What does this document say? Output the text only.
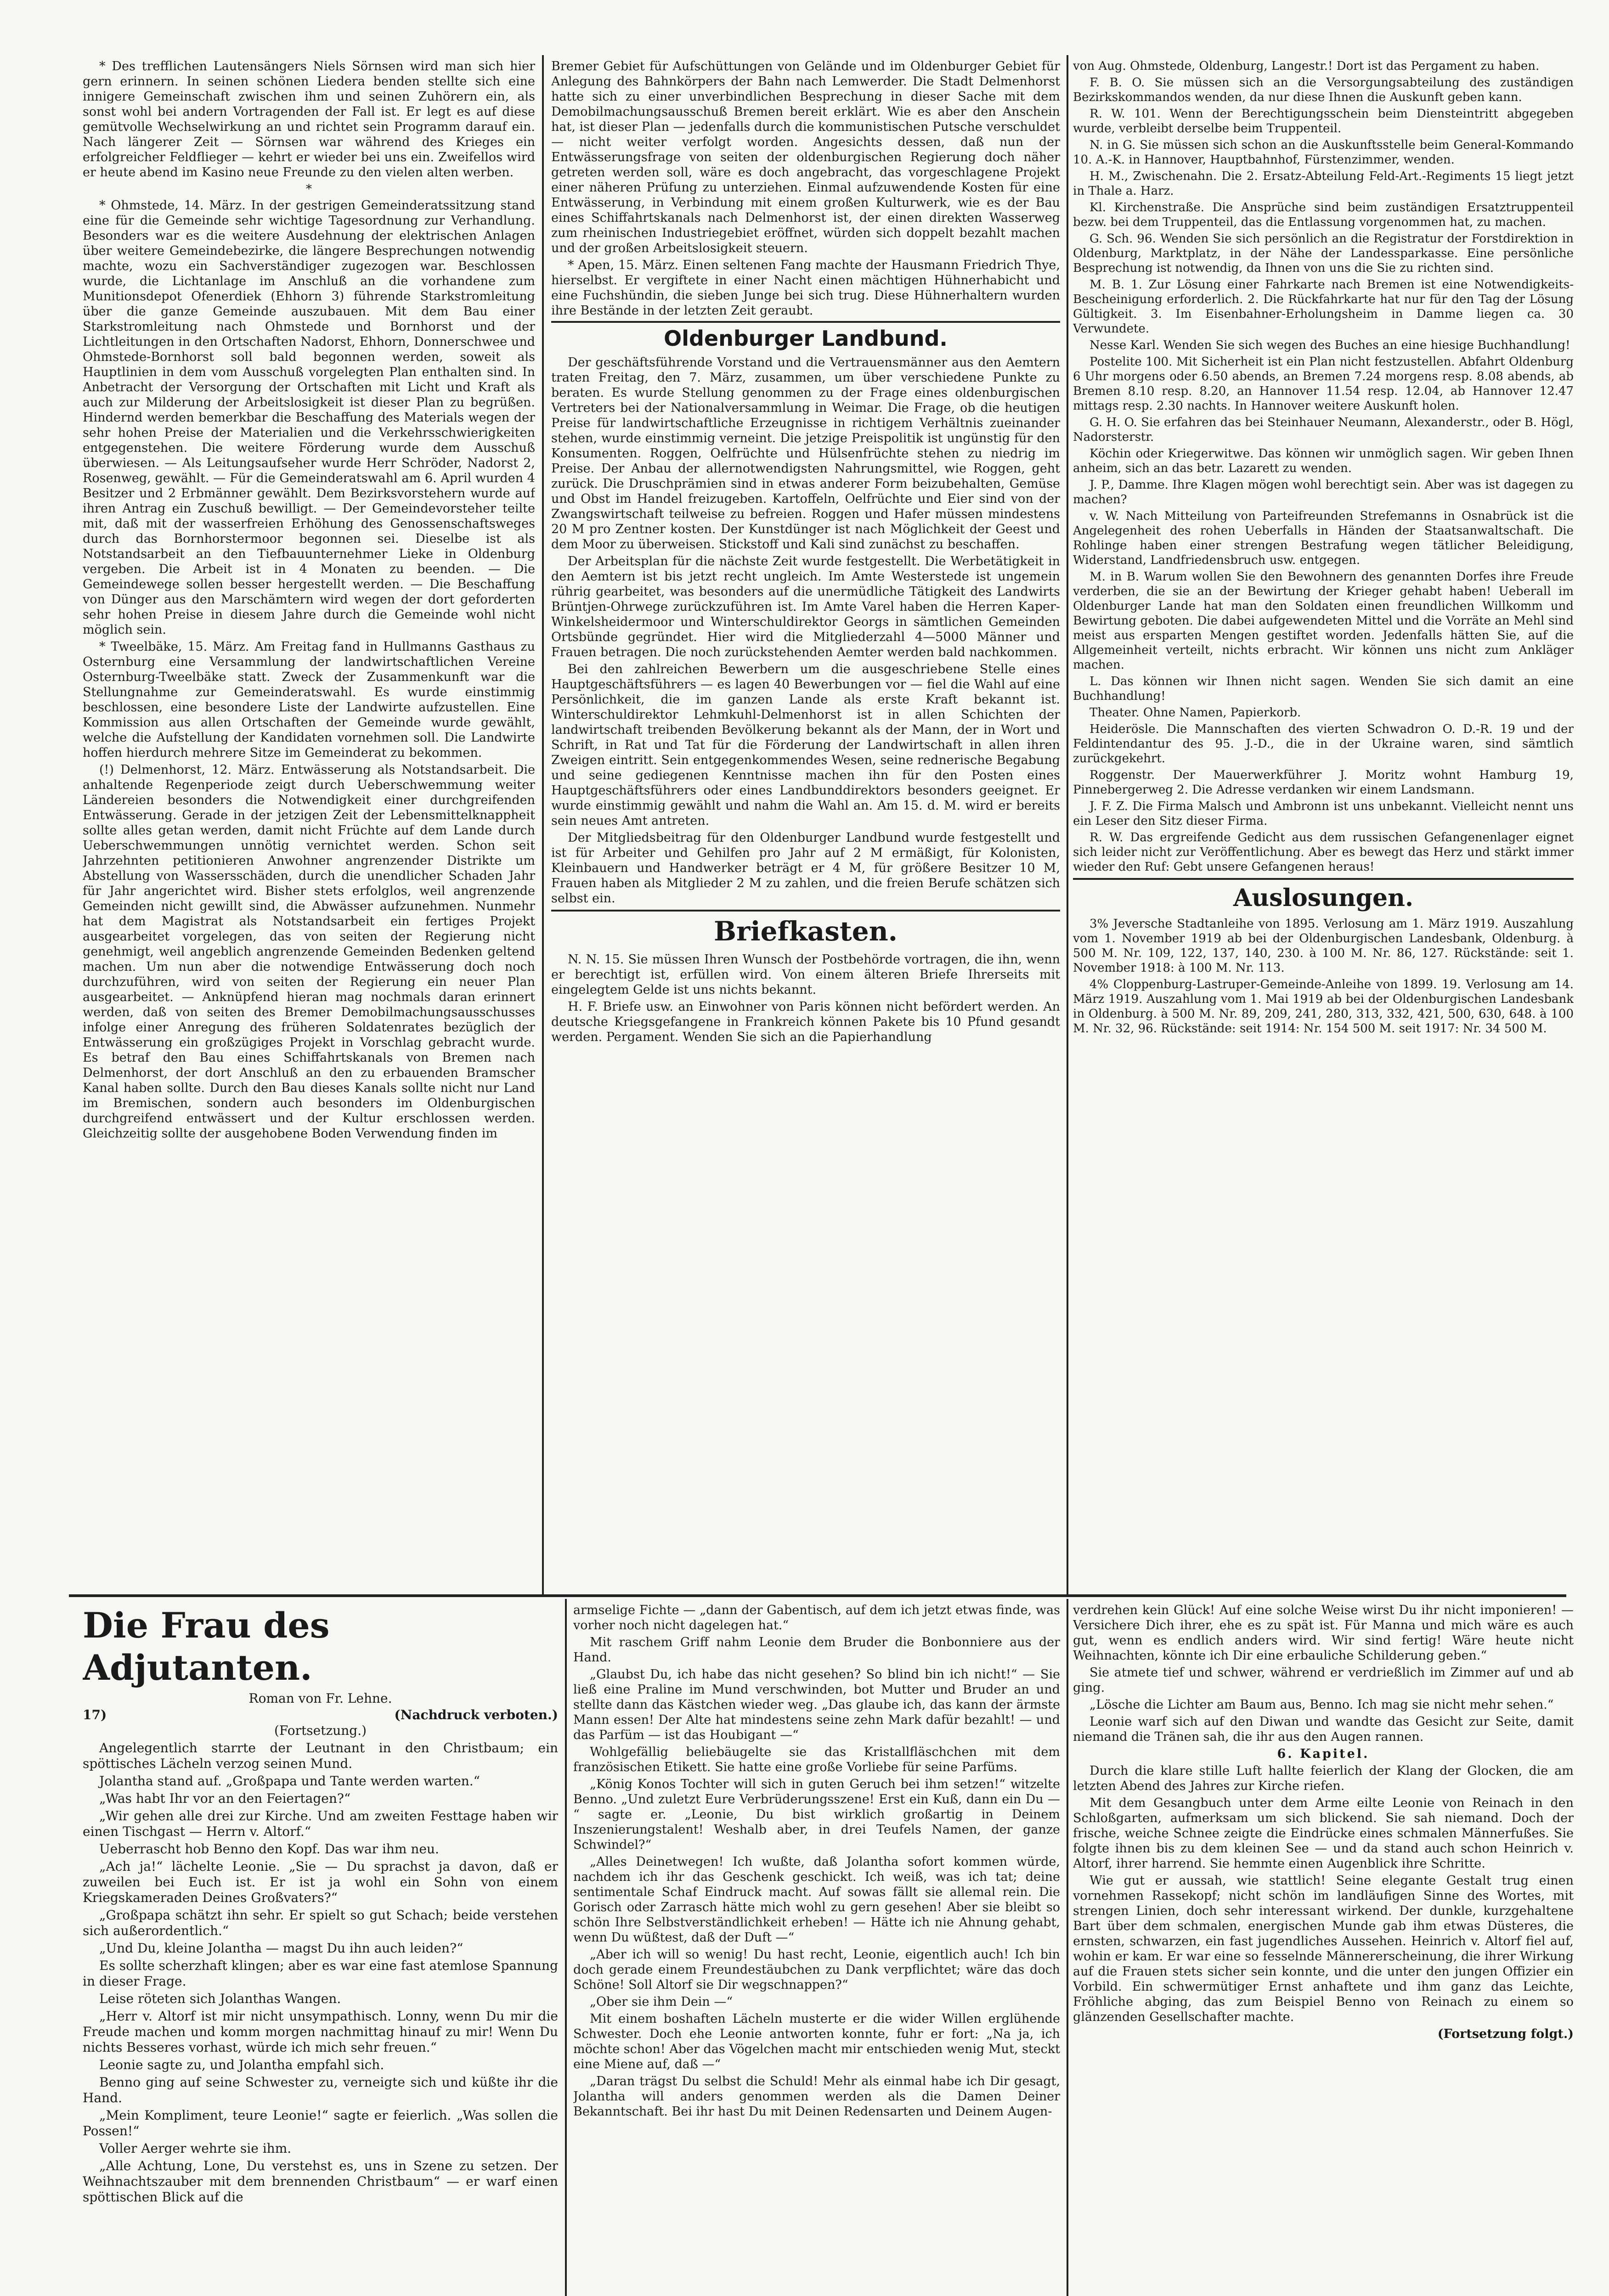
* Des trefflichen Lautensängers Niels Sörnsen wird man sich hier gern erinnern. In seinen schönen Liedera benden stellte sich eine innigere Gemeinschaft zwischen ihm und seinen Zuhörern ein, als sonst wohl bei andern Vortragenden der Fall ist. Er legt es auf diese gemütvolle Wechselwirkung an und richtet sein Programm darauf ein. Nach längerer Zeit — Sörnsen war während des Krieges ein erfolgreicher Feldflieger — kehrt er wieder bei uns ein. Zweifellos wird er heute abend im Kasino neue Freunde zu den vielen alten werben.

*

* Ohmstede, 14. März. In der gestrigen Gemeinderatssitzung stand eine für die Gemeinde sehr wichtige Tagesordnung zur Verhandlung. Besonders war es die weitere Ausdehnung der elektrischen Anlagen über weitere Gemeindebezirke, die längere Besprechungen notwendig machte, wozu ein Sachverständiger zugezogen war. Beschlossen wurde, die Lichtanlage im Anschluß an die vorhandene zum Munitionsdepot Ofenerdiek (Ehhorn 3) führende Starkstromleitung über die ganze Gemeinde auszubauen. Mit dem Bau einer Starkstromleitung nach Ohmstede und Bornhorst und der Lichtleitungen in den Ortschaften Nadorst, Ehhorn, Donnerschwee und Ohmstede-Bornhorst soll bald begonnen werden, soweit als Hauptlinien in dem vom Ausschuß vorgelegten Plan enthalten sind. In Anbetracht der Versorgung der Ortschaften mit Licht und Kraft als auch zur Milderung der Arbeitslosigkeit ist dieser Plan zu begrüßen. Hindernd werden bemerkbar die Beschaffung des Materials wegen der sehr hohen Preise der Materialien und die Verkehrsschwierigkeiten entgegenstehen. Die weitere Förderung wurde dem Ausschuß überwiesen. — Als Leitungsaufseher wurde Herr Schröder, Nadorst 2, Rosenweg, gewählt. — Für die Gemeinderatswahl am 6. April wurden 4 Besitzer und 2 Erbmänner gewählt. Dem Bezirksvorstehern wurde auf ihren Antrag ein Zuschuß bewilligt. — Der Gemeindevorsteher teilte mit, daß mit der wasserfreien Erhöhung des Genossenschaftsweges durch das Bornhorstermoor begonnen sei. Dieselbe ist als Notstandsarbeit an den Tiefbauunternehmer Lieke in Oldenburg vergeben. Die Arbeit ist in 4 Monaten zu beenden. — Die Gemeindewege sollen besser hergestellt werden. — Die Beschaffung von Dünger aus den Marschämtern wird wegen der dort geforderten sehr hohen Preise in diesem Jahre durch die Gemeinde wohl nicht möglich sein.

* Tweelbäke, 15. März. Am Freitag fand in Hullmanns Gasthaus zu Osternburg eine Versammlung der landwirtschaftlichen Vereine Osternburg-Tweelbäke statt. Zweck der Zusammenkunft war die Stellungnahme zur Gemeinderatswahl. Es wurde einstimmig beschlossen, eine besondere Liste der Landwirte aufzustellen. Eine Kommission aus allen Ortschaften der Gemeinde wurde gewählt, welche die Aufstellung der Kandidaten vornehmen soll. Die Landwirte hoffen hierdurch mehrere Sitze im Gemeinderat zu bekommen.

(!) Delmenhorst, 12. März. Entwässerung als Notstandsarbeit. Die anhaltende Regenperiode zeigt durch Ueberschwemmung weiter Ländereien besonders die Notwendigkeit einer durchgreifenden Entwässerung. Gerade in der jetzigen Zeit der Lebensmittelknappheit sollte alles getan werden, damit nicht Früchte auf dem Lande durch Ueberschwemmungen unnötig vernichtet werden. Schon seit Jahrzehnten petitionieren Anwohner angrenzender Distrikte um Abstellung von Wassersschäden, durch die unendlicher Schaden Jahr für Jahr angerichtet wird. Bisher stets erfolglos, weil angrenzende Gemeinden nicht gewillt sind, die Abwässer aufzunehmen. Nunmehr hat dem Magistrat als Notstandsarbeit ein fertiges Projekt ausgearbeitet vorgelegen, das von seiten der Regierung nicht genehmigt, weil angeblich angrenzende Gemeinden Bedenken geltend machen. Um nun aber die notwendige Entwässerung doch noch durchzuführen, wird von seiten der Regierung ein neuer Plan ausgearbeitet. — Anknüpfend hieran mag nochmals daran erinnert werden, daß von seiten des Bremer Demobilmachungsausschusses infolge einer Anregung des früheren Soldatenrates bezüglich der Entwässerung ein großzügiges Projekt in Vorschlag gebracht wurde. Es betraf den Bau eines Schiffahrtskanals von Bremen nach Delmenhorst, der dort Anschluß an den zu erbauenden Bramscher Kanal haben sollte. Durch den Bau dieses Kanals sollte nicht nur Land im Bremischen, sondern auch besonders im Oldenburgischen durchgreifend entwässert und der Kultur erschlossen werden. Gleichzeitig sollte der ausgehobene Boden Verwendung finden im

Bremer Gebiet für Aufschüttungen von Gelände und im Oldenburger Gebiet für Anlegung des Bahnkörpers der Bahn nach Lemwerder. Die Stadt Delmenhorst hatte sich zu einer unverbindlichen Besprechung in dieser Sache mit dem Demobilmachungsausschuß Bremen bereit erklärt. Wie es aber den Anschein hat, ist dieser Plan — jedenfalls durch die kommunistischen Putsche verschuldet — nicht weiter verfolgt worden. Angesichts dessen, daß nun der Entwässerungsfrage von seiten der oldenburgischen Regierung doch näher getreten werden soll, wäre es doch angebracht, das vorgeschlagene Projekt einer näheren Prüfung zu unterziehen. Einmal aufzuwendende Kosten für eine Entwässerung, in Verbindung mit einem großen Kulturwerk, wie es der Bau eines Schiffahrtskanals nach Delmenhorst ist, der einen direkten Wasserweg zum rheinischen Industriegebiet eröffnet, würden sich doppelt bezahlt machen und der großen Arbeitslosigkeit steuern.

* Apen, 15. März. Einen seltenen Fang machte der Hausmann Friedrich Thye, hierselbst. Er vergiftete in einer Nacht einen mächtigen Hühnerhabicht und eine Fuchshündin, die sieben Junge bei sich trug. Diese Hühnerhaltern wurden ihre Bestände in der letzten Zeit geraubt.

Oldenburger Landbund.

Der geschäftsführende Vorstand und die Vertrauensmänner aus den Aemtern traten Freitag, den 7. März, zusammen, um über verschiedene Punkte zu beraten. Es wurde Stellung genommen zu der Frage eines oldenburgischen Vertreters bei der Nationalversammlung in Weimar. Die Frage, ob die heutigen Preise für landwirtschaftliche Erzeugnisse in richtigem Verhältnis zueinander stehen, wurde einstimmig verneint. Die jetzige Preispolitik ist ungünstig für den Konsumenten. Roggen, Oelfrüchte und Hülsenfrüchte stehen zu niedrig im Preise. Der Anbau der allernotwendigsten Nahrungsmittel, wie Roggen, geht zurück. Die Druschprämien sind in etwas anderer Form beizubehalten, Gemüse und Obst im Handel freizugeben. Kartoffeln, Oelfrüchte und Eier sind von der Zwangswirtschaft teilweise zu befreien. Roggen und Hafer müssen mindestens 20 M pro Zentner kosten. Der Kunstdünger ist nach Möglichkeit der Geest und dem Moor zu überweisen. Stickstoff und Kali sind zunächst zu beschaffen.

Der Arbeitsplan für die nächste Zeit wurde festgestellt. Die Werbetätigkeit in den Aemtern ist bis jetzt recht ungleich. Im Amte Westerstede ist ungemein rührig gearbeitet, was besonders auf die unermüdliche Tätigkeit des Landwirts Brüntjen-Ohrwege zurückzuführen ist. Im Amte Varel haben die Herren Kaper-Winkelsheidermoor und Winterschuldirektor Georgs in sämtlichen Gemeinden Ortsbünde gegründet. Hier wird die Mitgliederzahl 4—5000 Männer und Frauen betragen. Die noch zurückstehenden Aemter werden bald nachkommen.

Bei den zahlreichen Bewerbern um die ausgeschriebene Stelle eines Hauptgeschäftsführers — es lagen 40 Bewerbungen vor — fiel die Wahl auf eine Persönlichkeit, die im ganzen Lande als erste Kraft bekannt ist. Winterschuldirektor Lehmkuhl-Delmenhorst ist in allen Schichten der landwirtschaft treibenden Bevölkerung bekannt als der Mann, der in Wort und Schrift, in Rat und Tat für die Förderung der Landwirtschaft in allen ihren Zweigen eintritt. Sein entgegenkommendes Wesen, seine rednerische Begabung und seine gediegenen Kenntnisse machen ihn für den Posten eines Hauptgeschäftsführers oder eines Landbunddirektors besonders geeignet. Er wurde einstimmig gewählt und nahm die Wahl an. Am 15. d. M. wird er bereits sein neues Amt antreten.

Der Mitgliedsbeitrag für den Oldenburger Landbund wurde festgestellt und ist für Arbeiter und Gehilfen pro Jahr auf 2 M ermäßigt, für Kolonisten, Kleinbauern und Handwerker beträgt er 4 M, für größere Besitzer 10 M, Frauen haben als Mitglieder 2 M zu zahlen, und die freien Berufe schätzen sich selbst ein.

Briefkasten.

N. N. 15. Sie müssen Ihren Wunsch der Postbehörde vortragen, die ihn, wenn er berechtigt ist, erfüllen wird. Von einem älteren Briefe Ihrerseits mit eingelegtem Gelde ist uns nichts bekannt.

H. F. Briefe usw. an Einwohner von Paris können nicht befördert werden. An deutsche Kriegsgefangene in Frankreich können Pakete bis 10 Pfund gesandt werden. Pergament. Wenden Sie sich an die Papierhandlung

von Aug. Ohmstede, Oldenburg, Langestr.! Dort ist das Pergament zu haben.

F. B. O. Sie müssen sich an die Versorgungsabteilung des zuständigen Bezirkskommandos wenden, da nur diese Ihnen die Auskunft geben kann.

R. W. 101. Wenn der Berechtigungsschein beim Diensteintritt abgegeben wurde, verbleibt derselbe beim Truppenteil.

N. in G. Sie müssen sich schon an die Auskunftsstelle beim General-Kommando 10. A.-K. in Hannover, Hauptbahnhof, Fürstenzimmer, wenden.

H. M., Zwischenahn. Die 2. Ersatz-Abteilung Feld-Art.-Regiments 15 liegt jetzt in Thale a. Harz.

Kl. Kirchenstraße. Die Ansprüche sind beim zuständigen Ersatztruppenteil bezw. bei dem Truppenteil, das die Entlassung vorgenommen hat, zu machen.

G. Sch. 96. Wenden Sie sich persönlich an die Registratur der Forstdirektion in Oldenburg, Marktplatz, in der Nähe der Landessparkasse. Eine persönliche Besprechung ist notwendig, da Ihnen von uns die Sie zu richten sind.

M. B. 1. Zur Lösung einer Fahrkarte nach Bremen ist eine Notwendigkeits-Bescheinigung erforderlich. 2. Die Rückfahrkarte hat nur für den Tag der Lösung Gültigkeit. 3. Im Eisenbahner-Erholungsheim in Damme liegen ca. 30 Verwundete.

Nesse Karl. Wenden Sie sich wegen des Buches an eine hiesige Buchhandlung!

Postelite 100. Mit Sicherheit ist ein Plan nicht festzustellen. Abfahrt Oldenburg 6 Uhr morgens oder 6.50 abends, an Bremen 7.24 morgens resp. 8.08 abends, ab Bremen 8.10 resp. 8.20, an Hannover 11.54 resp. 12.04, ab Hannover 12.47 mittags resp. 2.30 nachts. In Hannover weitere Auskunft holen.

G. H. O. Sie erfahren das bei Steinhauer Neumann, Alexanderstr., oder B. Högl, Nadorsterstr.

Köchin oder Kriegerwitwe. Das können wir unmöglich sagen. Wir geben Ihnen anheim, sich an das betr. Lazarett zu wenden.

J. P., Damme. Ihre Klagen mögen wohl berechtigt sein. Aber was ist dagegen zu machen?

v. W. Nach Mitteilung von Parteifreunden Strefemanns in Osnabrück ist die Angelegenheit des rohen Ueberfalls in Händen der Staatsanwaltschaft. Die Rohlinge haben einer strengen Bestrafung wegen tätlicher Beleidigung, Widerstand, Landfriedensbruch usw. entgegen.

M. in B. Warum wollen Sie den Bewohnern des genannten Dorfes ihre Freude verderben, die sie an der Bewirtung der Krieger gehabt haben! Ueberall im Oldenburger Lande hat man den Soldaten einen freundlichen Willkomm und Bewirtung geboten. Die dabei aufgewendeten Mittel und die Vorräte an Mehl sind meist aus ersparten Mengen gestiftet worden. Jedenfalls hätten Sie, auf die Allgemeinheit verteilt, nichts erbracht. Wir können uns nicht zum Ankläger machen.

L. Das können wir Ihnen nicht sagen. Wenden Sie sich damit an eine Buchhandlung!

Theater. Ohne Namen, Papierkorb.

Heiderösle. Die Mannschaften des vierten Schwadron O. D.-R. 19 und der Feldintendantur des 95. J.-D., die in der Ukraine waren, sind sämtlich zurückgekehrt.

Roggenstr. Der Mauerwerkführer J. Moritz wohnt Hamburg 19, Pinnebergerweg 2. Die Adresse verdanken wir einem Landsmann.

J. F. Z. Die Firma Malsch und Ambronn ist uns unbekannt. Vielleicht nennt uns ein Leser den Sitz dieser Firma.

R. W. Das ergreifende Gedicht aus dem russischen Gefangenenlager eignet sich leider nicht zur Veröffentlichung. Aber es bewegt das Herz und stärkt immer wieder den Ruf: Gebt unsere Gefangenen heraus!

Auslosungen.

3% Jeversche Stadtanleihe von 1895. Verlosung am 1. März 1919. Auszahlung vom 1. November 1919 ab bei der Oldenburgischen Landesbank, Oldenburg. à 500 M. Nr. 109, 122, 137, 140, 230. à 100 M. Nr. 86, 127. Rückstände: seit 1. November 1918: à 100 M. Nr. 113.

4% Cloppenburg-Lastruper-Gemeinde-Anleihe von 1899. 19. Verlosung am 14. März 1919. Auszahlung vom 1. Mai 1919 ab bei der Oldenburgischen Landesbank in Oldenburg. à 500 M. Nr. 89, 209, 241, 280, 313, 332, 421, 500, 630, 648. à 100 M. Nr. 32, 96. Rückstände: seit 1914: Nr. 154 500 M. seit 1917: Nr. 34 500 M.

Die Frau des Adjutanten.
Roman von Fr. Lehne.
17)	(Nachdruck verboten.)
(Fortsetzung.)

Angelegentlich starrte der Leutnant in den Christbaum; ein spöttisches Lächeln verzog seinen Mund.

Jolantha stand auf. „Großpapa und Tante werden warten.“

„Was habt Ihr vor an den Feiertagen?“

„Wir gehen alle drei zur Kirche. Und am zweiten Festtage haben wir einen Tischgast — Herrn v. Altorf.“

Ueberrascht hob Benno den Kopf. Das war ihm neu.

„Ach ja!“ lächelte Leonie. „Sie — Du sprachst ja davon, daß er zuweilen bei Euch ist. Er ist ja wohl ein Sohn von einem Kriegskameraden Deines Großvaters?“

„Großpapa schätzt ihn sehr. Er spielt so gut Schach; beide verstehen sich außerordentlich.“

„Und Du, kleine Jolantha — magst Du ihn auch leiden?“

Es sollte scherzhaft klingen; aber es war eine fast atemlose Spannung in dieser Frage.

Leise röteten sich Jolanthas Wangen.

„Herr v. Altorf ist mir nicht unsympathisch. Lonny, wenn Du mir die Freude machen und komm morgen nachmittag hinauf zu mir! Wenn Du nichts Besseres vorhast, würde ich mich sehr freuen.“

Leonie sagte zu, und Jolantha empfahl sich.

Benno ging auf seine Schwester zu, verneigte sich und küßte ihr die Hand.

„Mein Kompliment, teure Leonie!“ sagte er feierlich. „Was sollen die Possen!“

Voller Aerger wehrte sie ihm.

„Alle Achtung, Lone, Du verstehst es, uns in Szene zu setzen. Der Weihnachtszauber mit dem brennenden Christbaum“ — er warf einen spöttischen Blick auf die

armselige Fichte — „dann der Gabentisch, auf dem ich jetzt etwas finde, was vorher noch nicht dagelegen hat.“

Mit raschem Griff nahm Leonie dem Bruder die Bonbonniere aus der Hand.

„Glaubst Du, ich habe das nicht gesehen? So blind bin ich nicht!“ — Sie ließ eine Praline im Mund verschwinden, bot Mutter und Bruder an und stellte dann das Kästchen wieder weg. „Das glaube ich, das kann der ärmste Mann essen! Der Alte hat mindestens seine zehn Mark dafür bezahlt! — und das Parfüm — ist das Houbigant —“

Wohlgefällig beliebäugelte sie das Kristallfläschchen mit dem französischen Etikett. Sie hatte eine große Vorliebe für seine Parfüms.

„König Konos Tochter will sich in guten Geruch bei ihm setzen!“ witzelte Benno. „Und zuletzt Eure Verbrüderungsszene! Erst ein Kuß, dann ein Du — “ sagte er. „Leonie, Du bist wirklich großartig in Deinem Inszenierungstalent! Weshalb aber, in drei Teufels Namen, der ganze Schwindel?“

„Alles Deinetwegen! Ich wußte, daß Jolantha sofort kommen würde, nachdem ich ihr das Geschenk geschickt. Ich weiß, was ich tat; deine sentimentale Schaf Eindruck macht. Auf sowas fällt sie allemal rein. Die Gorisch oder Zarrasch hätte mich wohl zu gern gesehen! Aber sie bleibt so schön Ihre Selbstverständlichkeit erheben! — Hätte ich nie Ahnung gehabt, wenn Du wüßtest, daß der Duft —“

„Aber ich will so wenig! Du hast recht, Leonie, eigentlich auch! Ich bin doch gerade einem Freundestäubchen zu Dank verpflichtet; wäre das doch Schöne! Soll Altorf sie Dir wegschnappen?“

„Ober sie ihm Dein —“

Mit einem boshaften Lächeln musterte er die wider Willen erglühende Schwester. Doch ehe Leonie antworten konnte, fuhr er fort: „Na ja, ich möchte schon! Aber das Vögelchen macht mir entschieden wenig Mut, steckt eine Miene auf, daß —“

„Daran trägst Du selbst die Schuld! Mehr als einmal habe ich Dir gesagt, Jolantha will anders genommen werden als die Damen Deiner Bekanntschaft. Bei ihr hast Du mit Deinen Redensarten und Deinem Augen-

verdrehen kein Glück! Auf eine solche Weise wirst Du ihr nicht imponieren! — Versichere Dich ihrer, ehe es zu spät ist. Für Manna und mich wäre es auch gut, wenn es endlich anders wird. Wir sind fertig! Wäre heute nicht Weihnachten, könnte ich Dir eine erbauliche Schilderung geben.“

Sie atmete tief und schwer, während er verdrießlich im Zimmer auf und ab ging.

„Lösche die Lichter am Baum aus, Benno. Ich mag sie nicht mehr sehen.“

Leonie warf sich auf den Diwan und wandte das Gesicht zur Seite, damit niemand die Tränen sah, die ihr aus den Augen rannen.

6. Kapitel.

Durch die klare stille Luft hallte feierlich der Klang der Glocken, die am letzten Abend des Jahres zur Kirche riefen.

Mit dem Gesangbuch unter dem Arme eilte Leonie von Reinach in den Schloßgarten, aufmerksam um sich blickend. Sie sah niemand. Doch der frische, weiche Schnee zeigte die Eindrücke eines schmalen Männerfußes. Sie folgte ihnen bis zu dem kleinen See — und da stand auch schon Heinrich v. Altorf, ihrer harrend. Sie hemmte einen Augenblick ihre Schritte.

Wie gut er aussah, wie stattlich! Seine elegante Gestalt trug einen vornehmen Rassekopf; nicht schön im landläufigen Sinne des Wortes, mit strengen Linien, doch sehr interessant wirkend. Der dunkle, kurzgehaltene Bart über dem schmalen, energischen Munde gab ihm etwas Düsteres, die ernsten, schwarzen, ein fast jugendliches Aussehen. Heinrich v. Altorf fiel auf, wohin er kam. Er war eine so fesselnde Männererscheinung, die ihrer Wirkung auf die Frauen stets sicher sein konnte, und die unter den jungen Offizier ein Vorbild. Ein schwermütiger Ernst anhaftete und ihm ganz das Leichte, Fröhliche abging, das zum Beispiel Benno von Reinach zu einem so glänzenden Gesellschafter machte.

(Fortsetzung folgt.)
